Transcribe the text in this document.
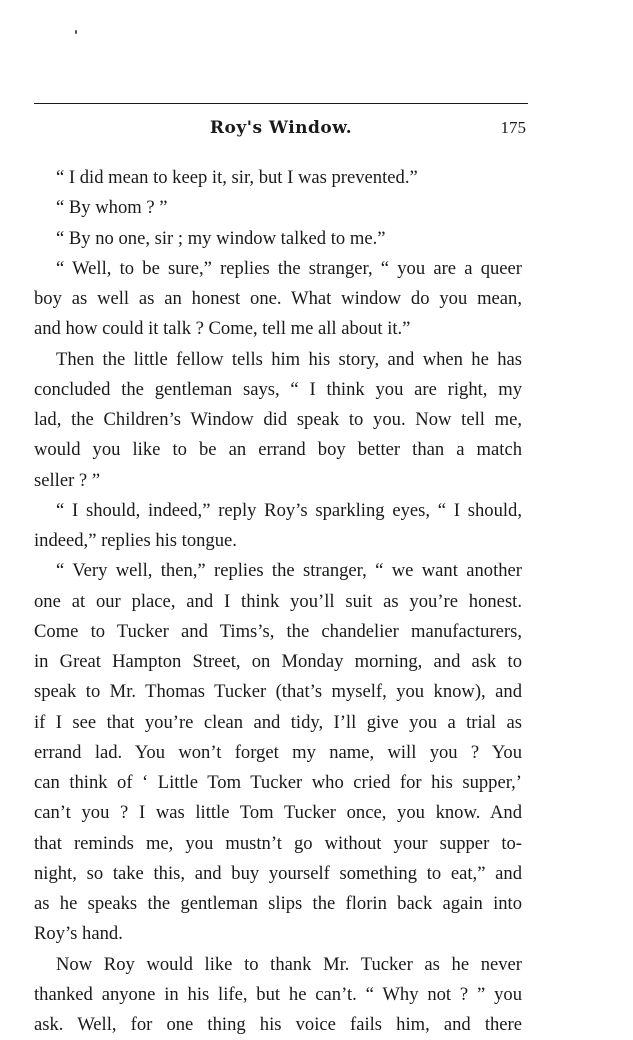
Roy's Window.	175
“ I did mean to keep it, sir, but I was prevented.”
“ By whom ? ”
“ By no one, sir ; my window talked to me.”
“ Well, to be sure,” replies the stranger, “ you are a queer
boy as well as an honest one. What window do you mean,
and how could it talk ? Come, tell me all about it.”
Then the little fellow tells him his story, and when he has
concluded the gentleman says, “ I think you are right, my
lad, the Children’s Window did speak to you. Now tell me,
would you like to be an errand boy better than a match
seller ? ”
“ I should, indeed,” reply Roy’s sparkling eyes, “ I should,
indeed,” replies his tongue.
“ Very well, then,” replies the stranger, “ we want another
one at our place, and I think you’ll suit as you’re honest.
Come to Tucker and Tims’s, the chandelier manufacturers,
in Great Hampton Street, on Monday morning, and ask to
speak to Mr. Thomas Tucker (that’s myself, you know), and
if I see that you’re clean and tidy, I’ll give you a trial as
errand lad. You won’t forget my name, will you ? You
can think of ‘ Little Tom Tucker who cried for his supper,’
can’t you ? I was little Tom Tucker once, you know. And
that reminds me, you mustn’t go without your supper to-
night, so take this, and buy yourself something to eat,” and
as he speaks the gentleman slips the florin back again into
Roy’s hand.
Now Roy would like to thank Mr. Tucker as he never
thanked anyone in his life, but he can’t. “ Why not ? ” you
ask. Well, for one thing his voice fails him, and there
